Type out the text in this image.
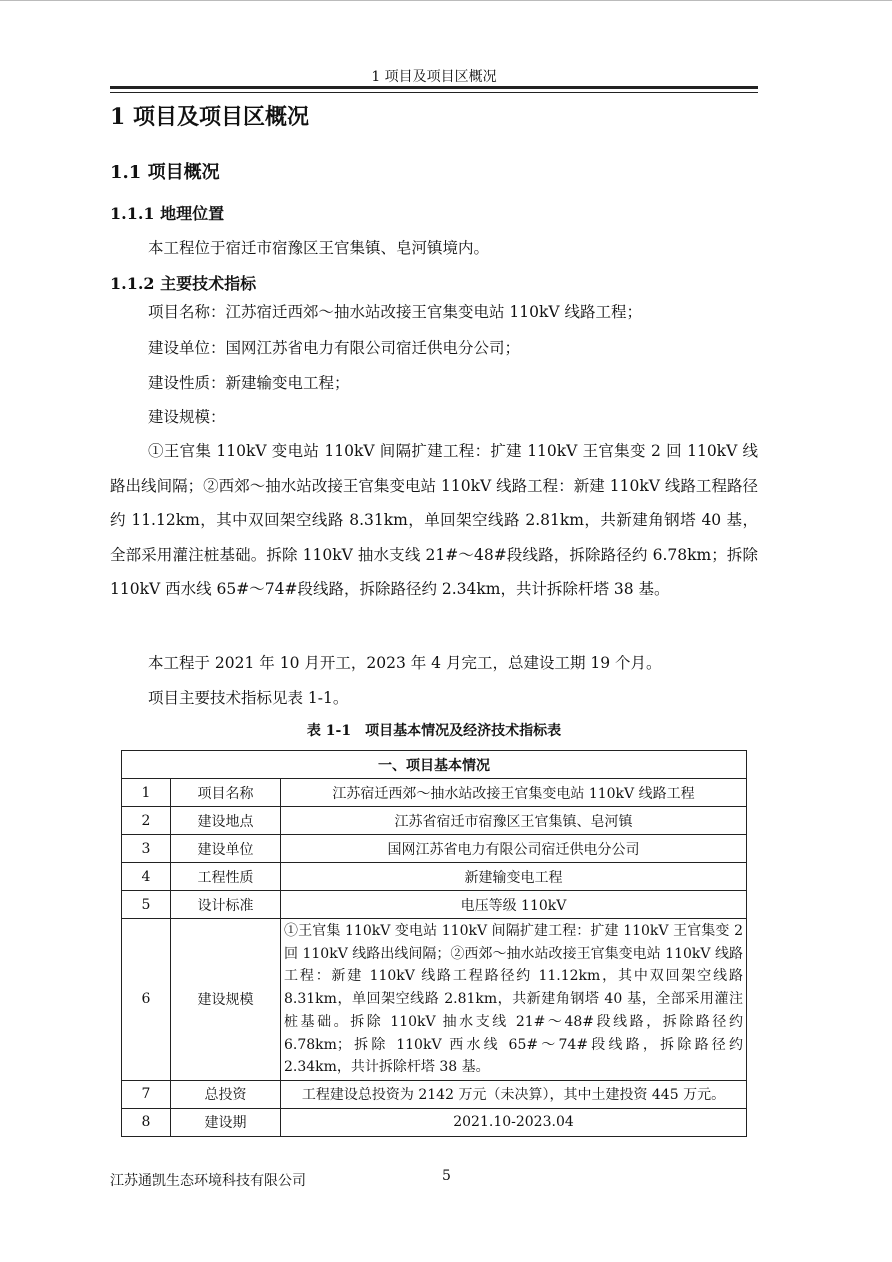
1 项目及项目区概况
1 项目及项目区概况
1.1 项目概况
1.1.1 地理位置
本工程位于宿迁市宿豫区王官集镇、皂河镇境内。
1.1.2 主要技术指标
项目名称：江苏宿迁西郊～抽水站改接王官集变电站 110kV 线路工程；
建设单位：国网江苏省电力有限公司宿迁供电分公司；
建设性质：新建输变电工程；
建设规模：
①王官集 110kV 变电站 110kV 间隔扩建工程：扩建 110kV 王官集变 2 回 110kV 线路出线间隔；②西郊～抽水站改接王官集变电站 110kV 线路工程：新建 110kV 线路工程路径约 11.12km，其中双回架空线路 8.31km，单回架空线路 2.81km，共新建角钢塔 40 基，全部采用灌注桩基础。拆除 110kV 抽水支线 21#～48#段线路，拆除路径约 6.78km；拆除 110kV 西水线 65#～74#段线路，拆除路径约 2.34km，共计拆除杆塔 38 基。
本工程于 2021 年 10 月开工，2023 年 4 月完工，总建设工期 19 个月。
项目主要技术指标见表 1-1。
表 1-1　项目基本情况及经济技术指标表
一、项目基本情况		
1	项目名称	江苏宿迁西郊～抽水站改接王官集变电站 110kV 线路工程
2	建设地点	江苏省宿迁市宿豫区王官集镇、皂河镇
3	建设单位	国网江苏省电力有限公司宿迁供电分公司
4	工程性质	新建输变电工程
5	设计标准	电压等级 110kV
6	建设规模	①王官集 110kV 变电站 110kV 间隔扩建工程：扩建 110kV 王官集变 2 回 110kV 线路出线间隔；②西郊～抽水站改接王官集变电站 110kV 线路工程：新建 110kV 线路工程路径约 11.12km，其中双回架空线路 8.31km，单回架空线路 2.81km，共新建角钢塔 40 基，全部采用灌注桩基础。拆除 110kV 抽水支线 21#～48#段线路，拆除路径约 6.78km；拆除 110kV 西水线 65#～74#段线路，拆除路径约 2.34km，共计拆除杆塔 38 基。
7	总投资	工程建设总投资为 2142 万元（未决算），其中土建投资 445 万元。
8	建设期	2021.10-2023.04
江苏通凯生态环境科技有限公司	5
